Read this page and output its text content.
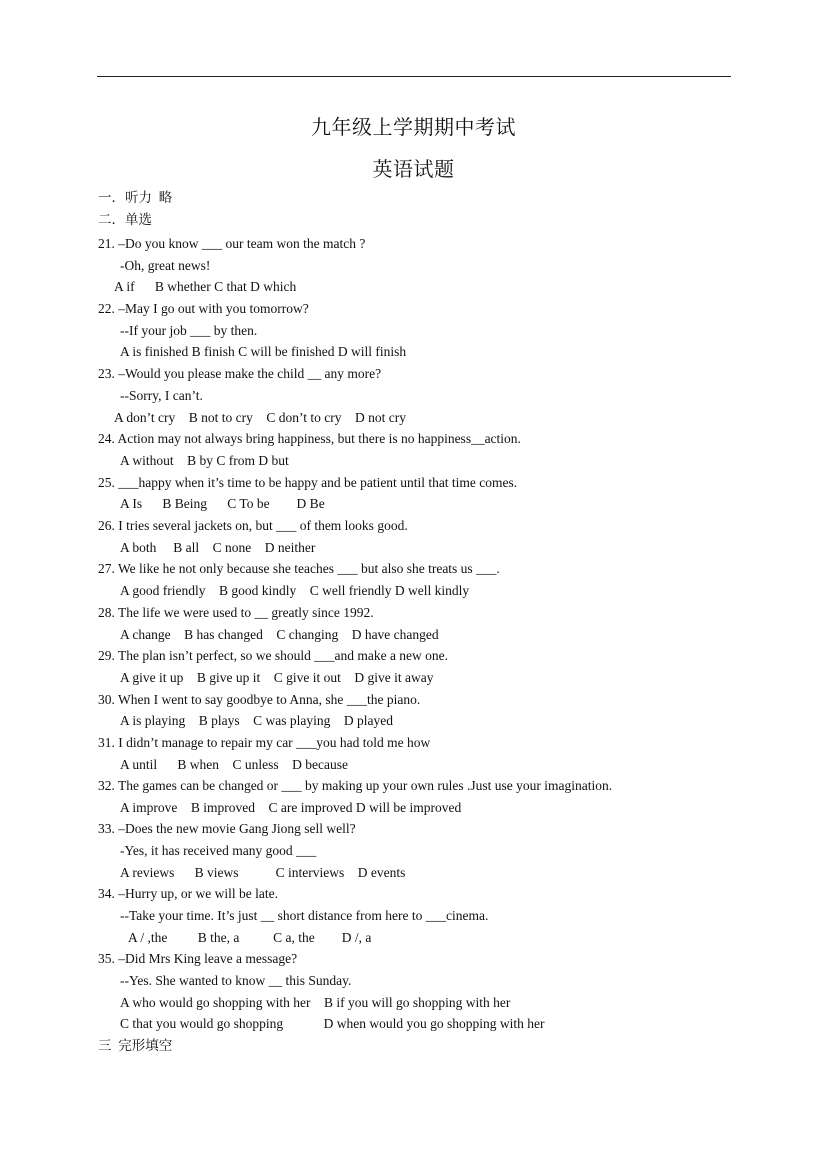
九年级上学期期中考试
英语试题
一．听力  略
二．单选
21. –Do you know ___ our team won the match ?
-Oh, great news!
A if      B whether C that D which
22. –May I go out with you tomorrow?
--If your job ___ by then.
A is finished B finish C will be finished D will finish
23. –Would you please make the child __ any more?
--Sorry, I can’t.
A don’t cry    B not to cry    C don’t to cry    D not cry
24. Action may not always bring happiness, but there is no happiness__action.
A without    B by C from D but
25. ___happy when it’s time to be happy and be patient until that time comes.
A Is      B Being      C To be        D Be
26. I tries several jackets on, but ___ of them looks good.
A both     B all    C none    D neither
27. We like he not only because she teaches ___ but also she treats us ___.
A good friendly    B good kindly    C well friendly D well kindly
28. The life we were used to __ greatly since 1992.
A change    B has changed    C changing    D have changed
29. The plan isn’t perfect, so we should ___and make a new one.
A give it up    B give up it    C give it out    D give it away
30. When I went to say goodbye to Anna, she ___the piano.
A is playing    B plays    C was playing    D played
31. I didn’t manage to repair my car ___you had told me how
A until      B when    C unless    D because
32. The games can be changed or ___ by making up your own rules .Just use your imagination.
A improve    B improved    C are improved D will be improved
33. –Does the new movie Gang Jiong sell well?
-Yes, it has received many good ___
A reviews      B views           C interviews    D events
34. –Hurry up, or we will be late.
--Take your time. It’s just __ short distance from here to ___cinema.
A / ,the         B the, a          C a, the        D /, a
35. –Did Mrs King leave a message?
--Yes. She wanted to know __ this Sunday.
A who would go shopping with her    B if you will go shopping with her
C that you would go shopping            D when would you go shopping with her
三  完形填空
